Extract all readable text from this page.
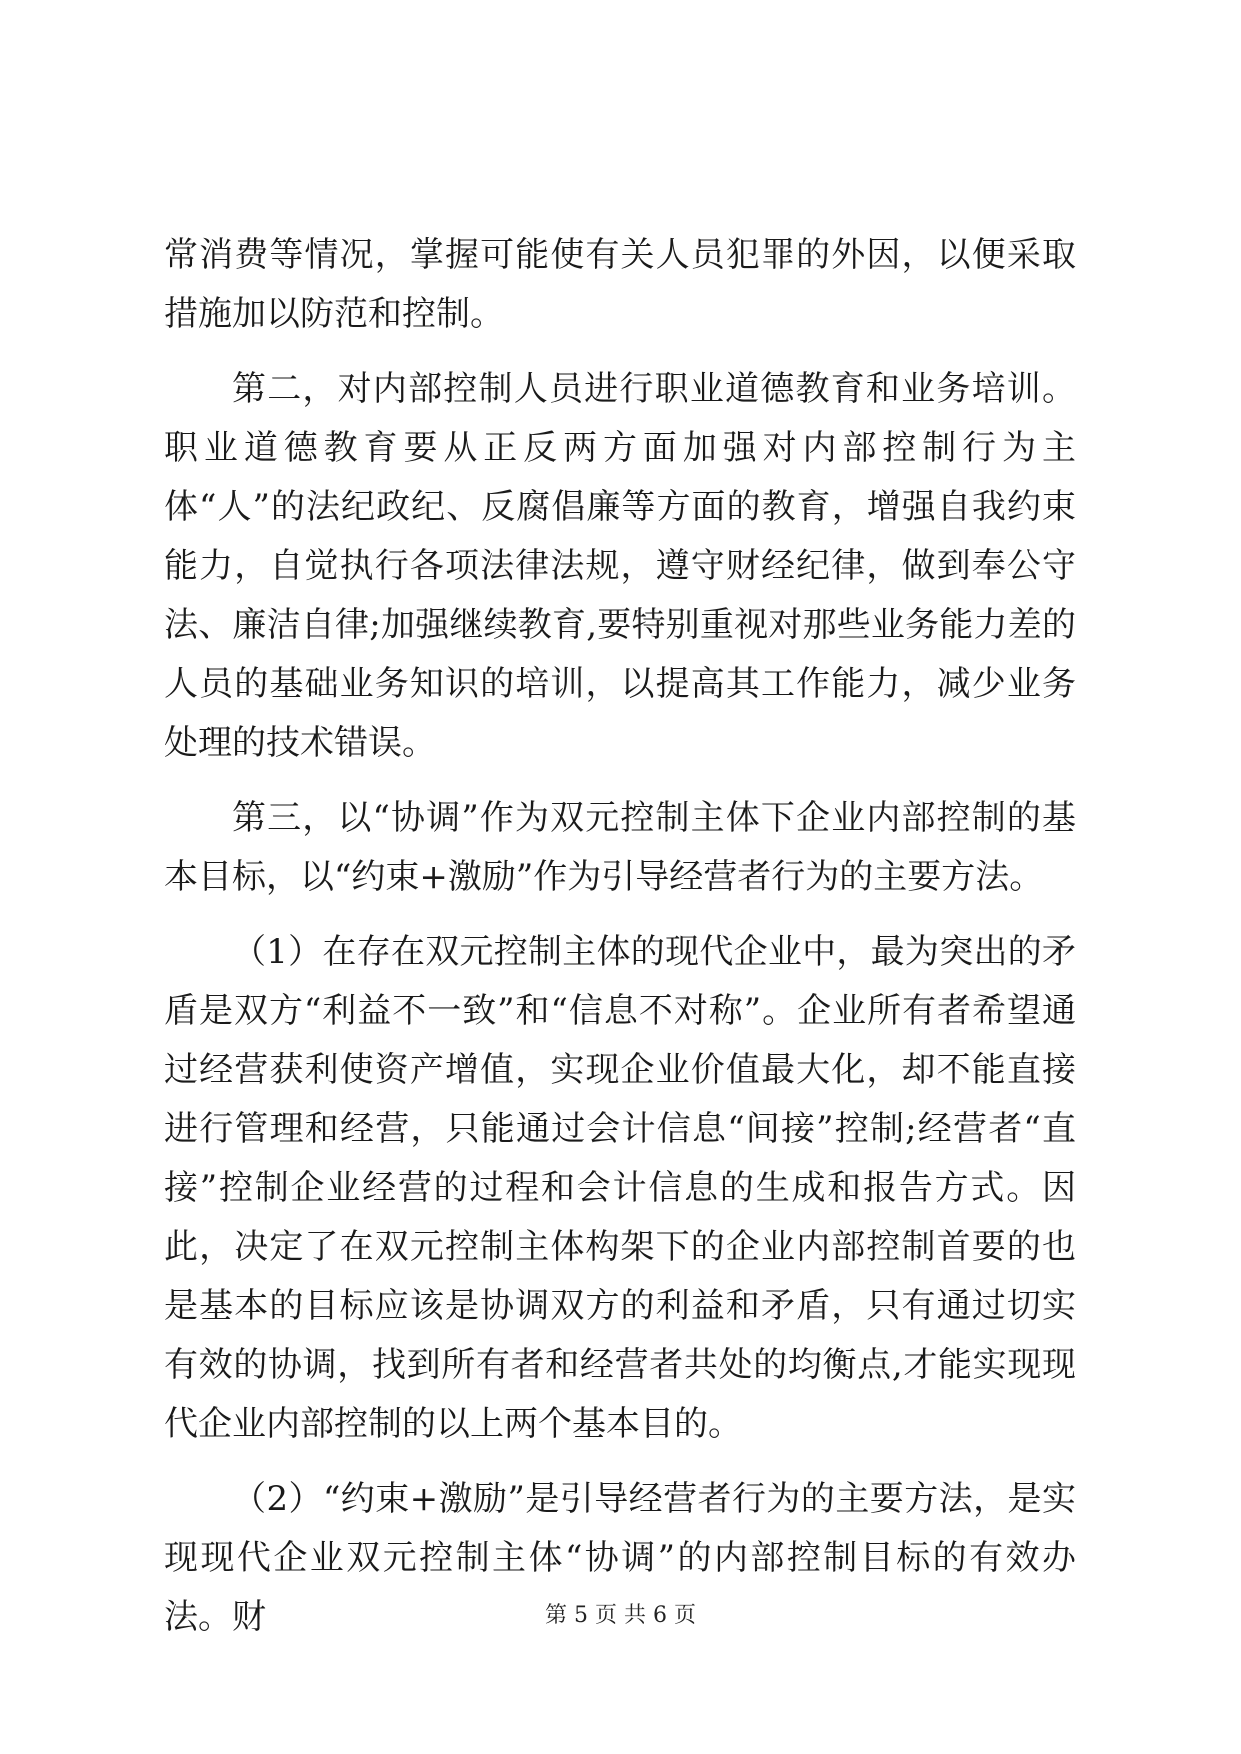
常消费等情况，掌握可能使有关人员犯罪的外因，以便采取措施加以防范和控制。

第二，对内部控制人员进行职业道德教育和业务培训。职业道德教育要从正反两方面加强对内部控制行为主体“人”的法纪政纪、反腐倡廉等方面的教育，增强自我约束能力，自觉执行各项法律法规，遵守财经纪律，做到奉公守法、廉洁自律;加强继续教育,要特别重视对那些业务能力差的人员的基础业务知识的培训，以提高其工作能力，减少业务处理的技术错误。

第三，以“协调”作为双元控制主体下企业内部控制的基本目标，以“约束+激励”作为引导经营者行为的主要方法。

（1）在存在双元控制主体的现代企业中，最为突出的矛盾是双方“利益不一致”和“信息不对称”。企业所有者希望通过经营获利使资产增值，实现企业价值最大化，却不能直接进行管理和经营，只能通过会计信息“间接”控制;经营者“直接”控制企业经营的过程和会计信息的生成和报告方式。因此，决定了在双元控制主体构架下的企业内部控制首要的也是基本的目标应该是协调双方的利益和矛盾，只有通过切实有效的协调，找到所有者和经营者共处的均衡点,才能实现现代企业内部控制的以上两个基本目的。

（2）“约束+激励”是引导经营者行为的主要方法，是实现现代企业双元控制主体“协调”的内部控制目标的有效办法。财	第 5 页 共 6 页
